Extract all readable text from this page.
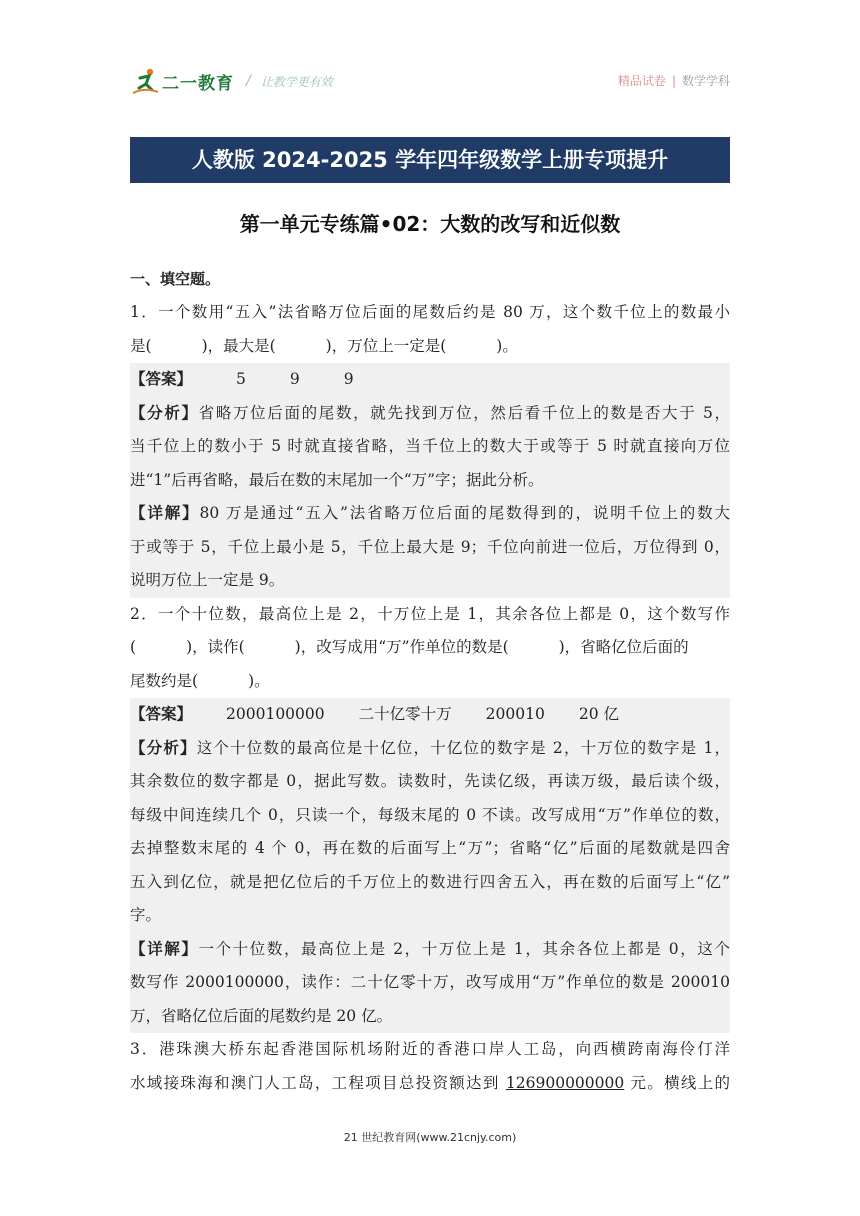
二一教育 / 让教学更有效	精品试卷 | 数学学科
人教版 2024-2025 学年四年级数学上册专项提升
第一单元专练篇•02：大数的改写和近似数
一、填空题。
1．一个数用“五入”法省略万位后面的尾数后约是 80 万，这个数千位上的数最小
是(	)，最大是(	)，万位上一定是(	)。
【答案】	5	9	9
【分析】省略万位后面的尾数，就先找到万位，然后看千位上的数是否大于 5，
当千位上的数小于 5 时就直接省略，当千位上的数大于或等于 5 时就直接向万位
进“1”后再省略，最后在数的末尾加一个“万”字；据此分析。
【详解】80 万是通过“五入”法省略万位后面的尾数得到的，说明千位上的数大
于或等于 5，千位上最小是 5，千位上最大是 9；千位向前进一位后，万位得到 0，
说明万位上一定是 9。
2．一个十位数，最高位上是 2，十万位上是 1，其余各位上都是 0，这个数写作
(	)，读作(	)，改写成用“万”作单位的数是(	)，省略亿位后面的
尾数约是(	)。
【答案】 2000100000 二十亿零十万 200010 20 亿
【分析】这个十位数的最高位是十亿位，十亿位的数字是 2，十万位的数字是 1，
其余数位的数字都是 0，据此写数。读数时，先读亿级，再读万级，最后读个级，
每级中间连续几个 0，只读一个，每级末尾的 0 不读。改写成用“万”作单位的数，
去掉整数末尾的 4 个 0，再在数的后面写上“万”；省略“亿”后面的尾数就是四舍
五入到亿位，就是把亿位后的千万位上的数进行四舍五入，再在数的后面写上“亿”
字。
【详解】一个十位数，最高位上是 2，十万位上是 1，其余各位上都是 0，这个
数写作 2000100000，读作：二十亿零十万，改写成用“万”作单位的数是 200010
万，省略亿位后面的尾数约是 20 亿。
3．港珠澳大桥东起香港国际机场附近的香港口岸人工岛，向西横跨南海伶仃洋
水域接珠海和澳门人工岛，工程项目总投资额达到 126900000000 元。横线上的
21 世纪教育网(www.21cnjy.com)
